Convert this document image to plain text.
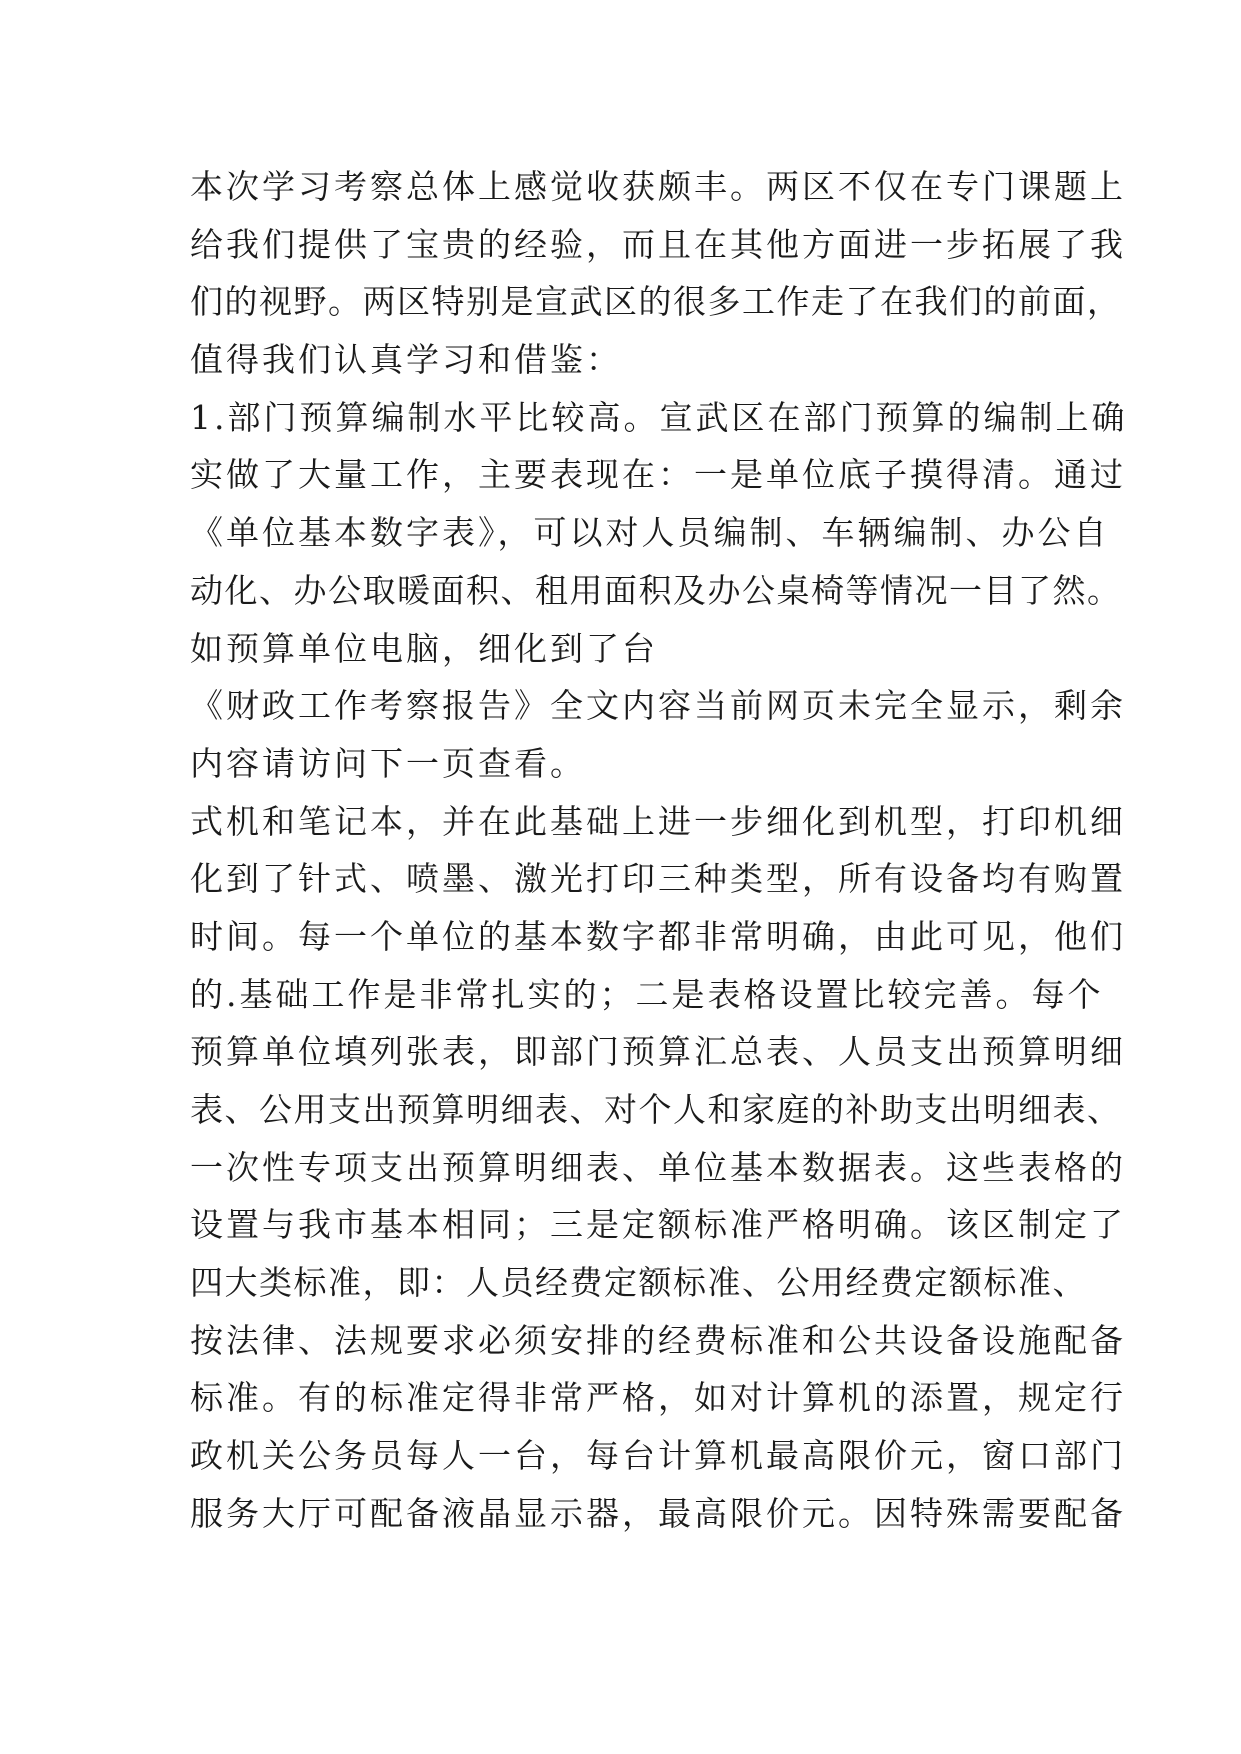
本次学习考察总体上感觉收获颇丰。两区不仅在专门课题上
给我们提供了宝贵的经验，而且在其他方面进一步拓展了我
们的视野。两区特别是宣武区的很多工作走了在我们的前面，
值得我们认真学习和借鉴：
1.部门预算编制水平比较高。宣武区在部门预算的编制上确
实做了大量工作，主要表现在：一是单位底子摸得清。通过
《单位基本数字表》，可以对人员编制、车辆编制、办公自
动化、办公取暖面积、租用面积及办公桌椅等情况一目了然。
如预算单位电脑，细化到了台
《财政工作考察报告》全文内容当前网页未完全显示，剩余
内容请访问下一页查看。
式机和笔记本，并在此基础上进一步细化到机型，打印机细
化到了针式、喷墨、激光打印三种类型，所有设备均有购置
时间。每一个单位的基本数字都非常明确，由此可见，他们
的.基础工作是非常扎实的；二是表格设置比较完善。每个
预算单位填列张表，即部门预算汇总表、人员支出预算明细
表、公用支出预算明细表、对个人和家庭的补助支出明细表、
一次性专项支出预算明细表、单位基本数据表。这些表格的
设置与我市基本相同；三是定额标准严格明确。该区制定了
四大类标准，即：人员经费定额标准、公用经费定额标准、
按法律、法规要求必须安排的经费标准和公共设备设施配备
标准。有的标准定得非常严格，如对计算机的添置，规定行
政机关公务员每人一台，每台计算机最高限价元，窗口部门
服务大厅可配备液晶显示器，最高限价元。因特殊需要配备
